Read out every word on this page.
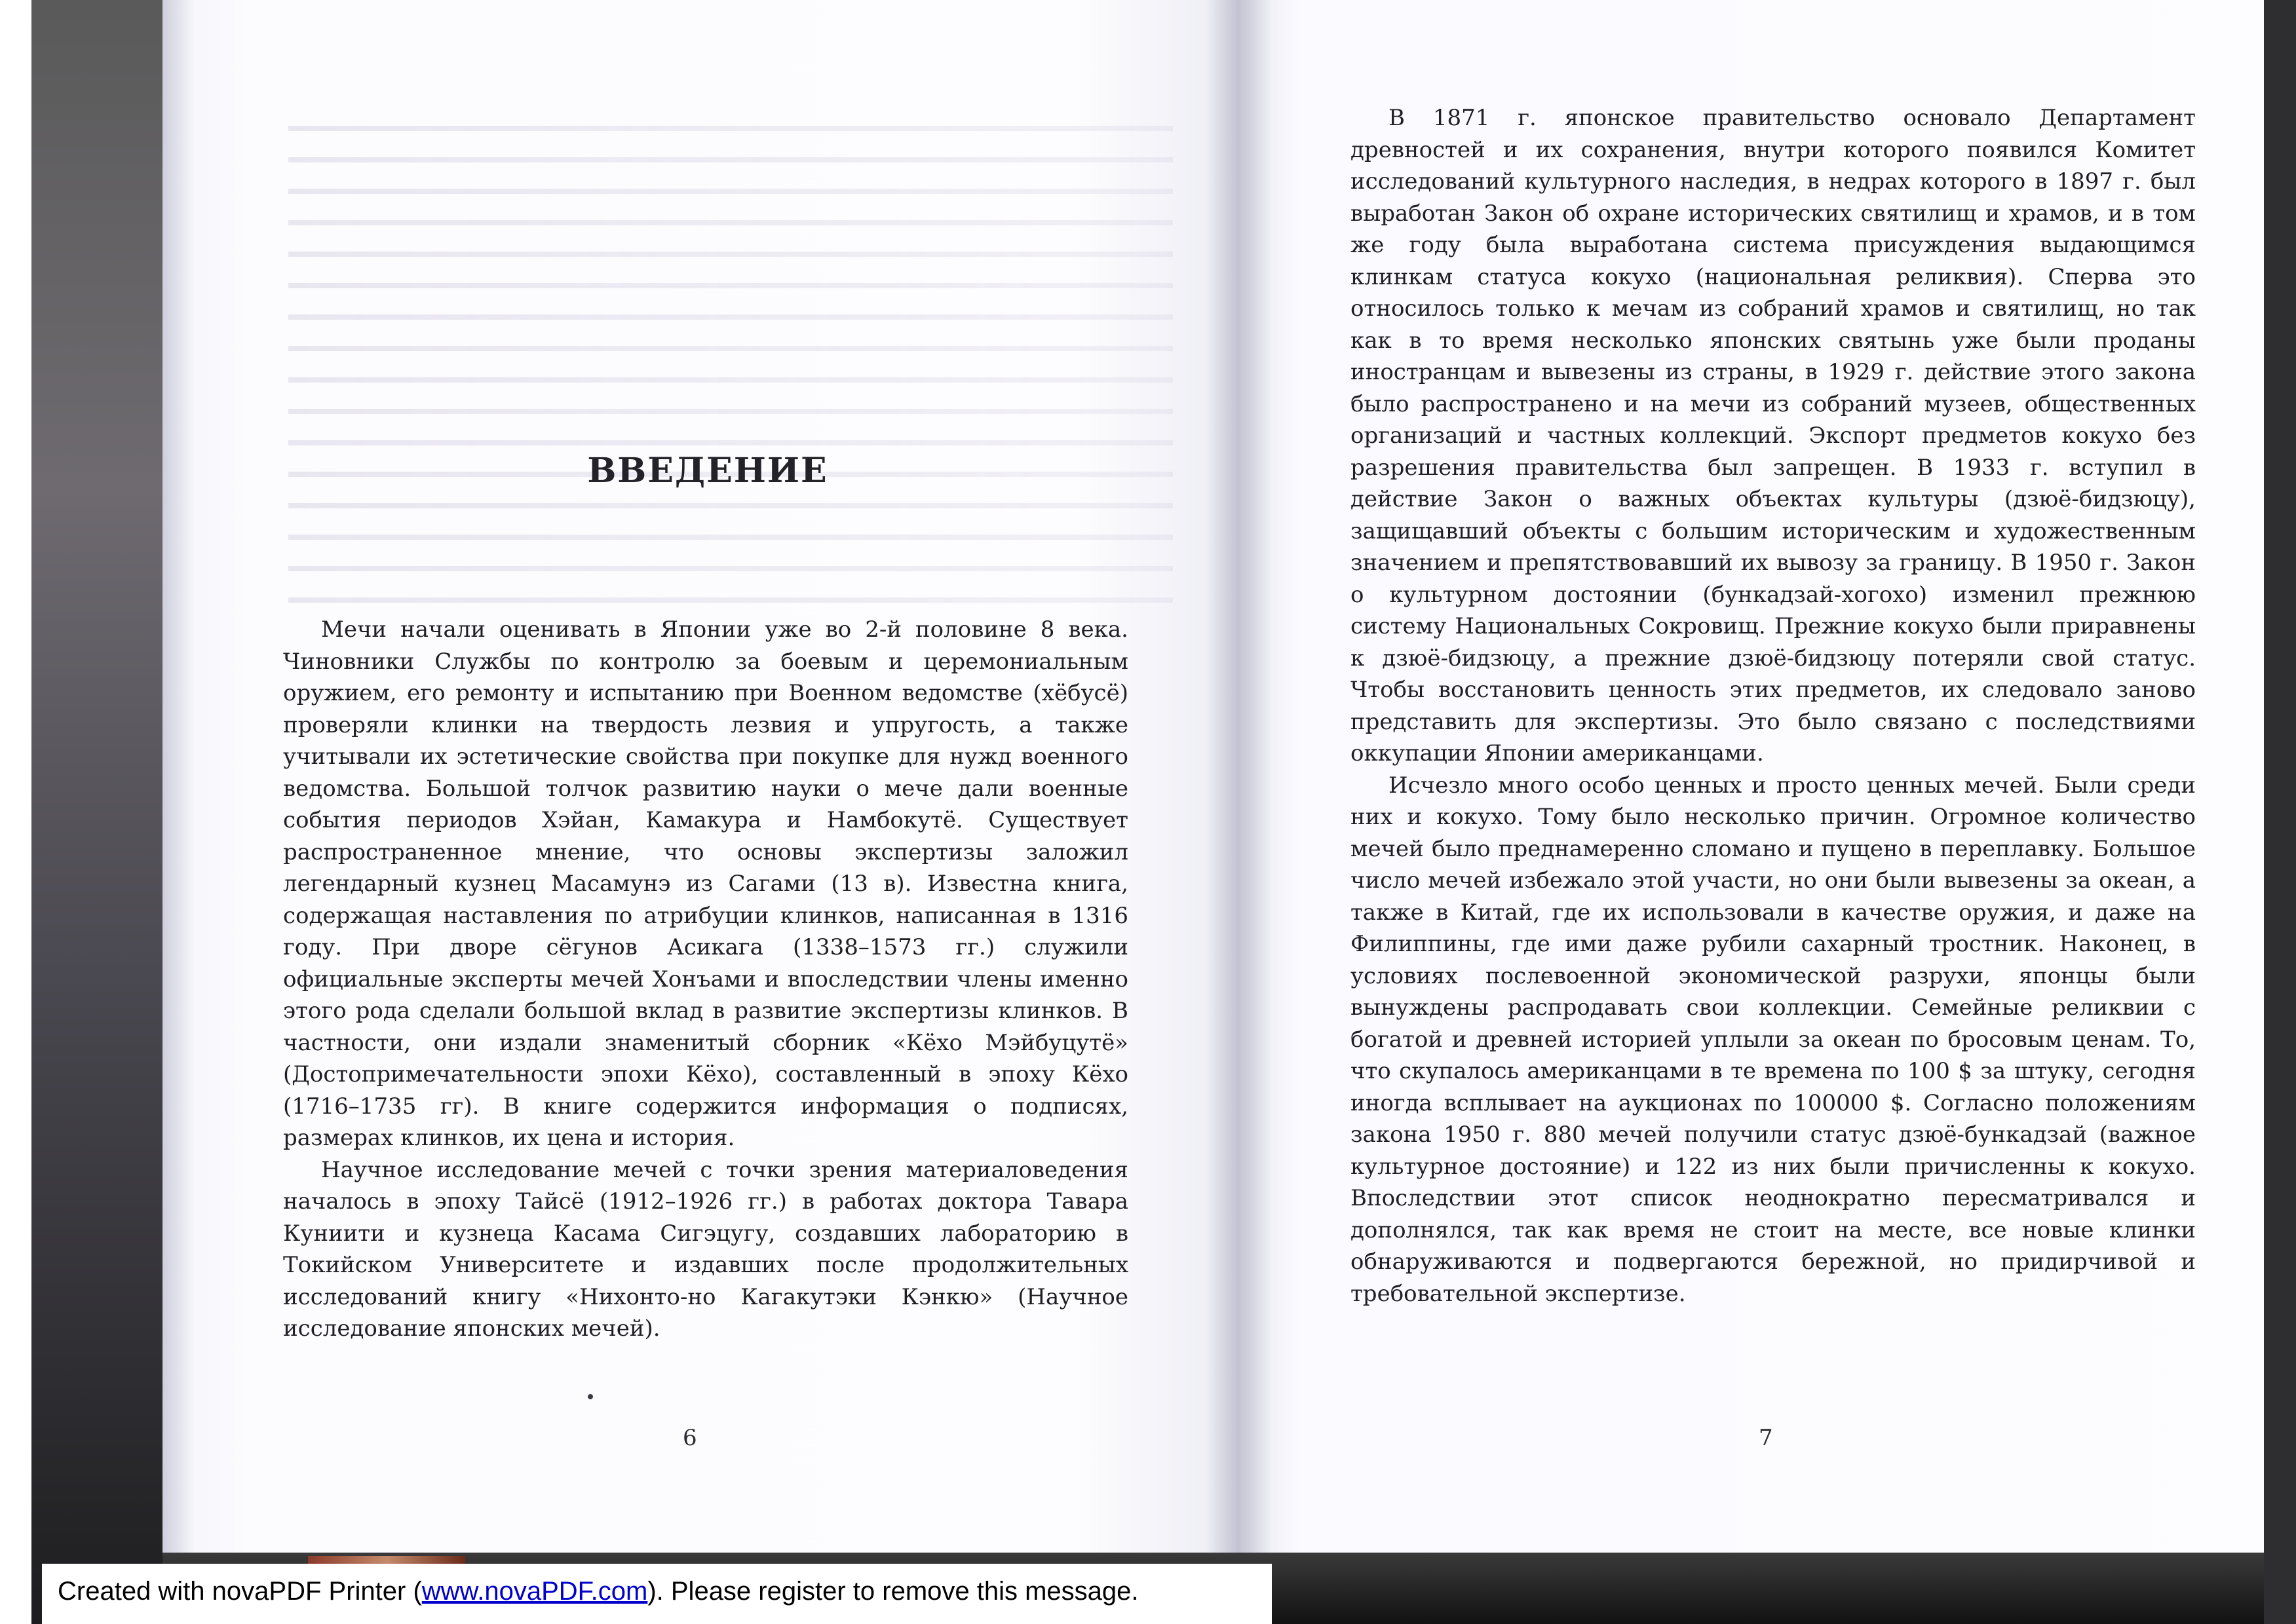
ВВЕДЕНИЕ

Мечи начали оценивать в Японии уже во 2-й половине 8 века. Чиновники Службы по контролю за боевым и церемониальным оружием, его ремонту и испытанию при Военном ведомстве (хёбусё) проверяли клинки на твердость лезвия и упругость, а также учитывали их эстетические свойства при покупке для нужд военного ведомства. Большой толчок развитию науки о мече дали военные события периодов Хэйан, Камакура и Намбокутё. Существует распространенное мнение, что основы экспертизы заложил легендарный кузнец Масамунэ из Сагами (13 в). Известна книга, содержащая наставления по атрибуции клинков, написанная в 1316 году. При дворе сёгунов Асикага (1338–1573 гг.) служили официальные эксперты мечей Хонъами и впоследствии члены именно этого рода сделали большой вклад в развитие экспертизы клинков. В частности, они издали знаменитый сборник «Кёхо Мэйбуцутё» (Достопримечательности эпохи Кёхо), составленный в эпоху Кёхо (1716–1735 гг). В книге содержится информация о подписях, размерах клинков, их цена и история.

Научное исследование мечей с точки зрения материаловедения началось в эпоху Тайсё (1912–1926 гг.) в работах доктора Тавара Куниити и кузнеца Касама Сигэцугу, создавших лабораторию в Токийском Университете и издавших после продолжительных исследований книгу «Нихонто-но Кагакутэки Кэнкю» (Научное исследование японских мечей).

В 1871 г. японское правительство основало Департамент древностей и их сохранения, внутри которого появился Комитет исследований культурного наследия, в недрах которого в 1897 г. был выработан Закон об охране исторических святилищ и храмов, и в том же году была выработана система присуждения выдающимся клинкам статуса кокухо (национальная реликвия). Сперва это относилось только к мечам из собраний храмов и святилищ, но так как в то время несколько японских святынь уже были проданы иностранцам и вывезены из страны, в 1929 г. действие этого закона было распространено и на мечи из собраний музеев, общественных организаций и частных коллекций. Экспорт предметов кокухо без разрешения правительства был запрещен. В 1933 г. вступил в действие Закон о важных объектах культуры (дзюё-бидзюцу), защищавший объекты с большим историческим и художественным значением и препятствовавший их вывозу за границу. В 1950 г. Закон о культурном достоянии (бункадзай-хогохо) изменил прежнюю систему Национальных Сокровищ. Прежние кокухо были приравнены к дзюё-бидзюцу, а прежние дзюё-бидзюцу потеряли свой статус. Чтобы восстановить ценность этих предметов, их следовало заново представить для экспертизы. Это было связано с последствиями оккупации Японии американцами.

Исчезло много особо ценных и просто ценных мечей. Были среди них и кокухо. Тому было несколько причин. Огромное количество мечей было преднамеренно сломано и пущено в переплавку. Большое число мечей избежало этой участи, но они были вывезены за океан, а также в Китай, где их использовали в качестве оружия, и даже на Филиппины, где ими даже рубили сахарный тростник. Наконец, в условиях послевоенной экономической разрухи, японцы были вынуждены распродавать свои коллекции. Семейные реликвии с богатой и древней историей уплыли за океан по бросовым ценам. То, что скупалось американцами в те времена по 100 $ за штуку, сегодня иногда всплывает на аукционах по 100000 $. Согласно положениям закона 1950 г. 880 мечей получили статус дзюё-бункадзай (важное культурное достояние) и 122 из них были причисленны к кокухо. Впоследствии этот список неоднократно пересматривался и дополнялся, так как время не стоит на месте, все новые клинки обнаруживаются и подвергаются бережной, но придирчивой и требовательной экспертизе.

6	7
Created with novaPDF Printer (www.novaPDF.com). Please register to remove this message.
